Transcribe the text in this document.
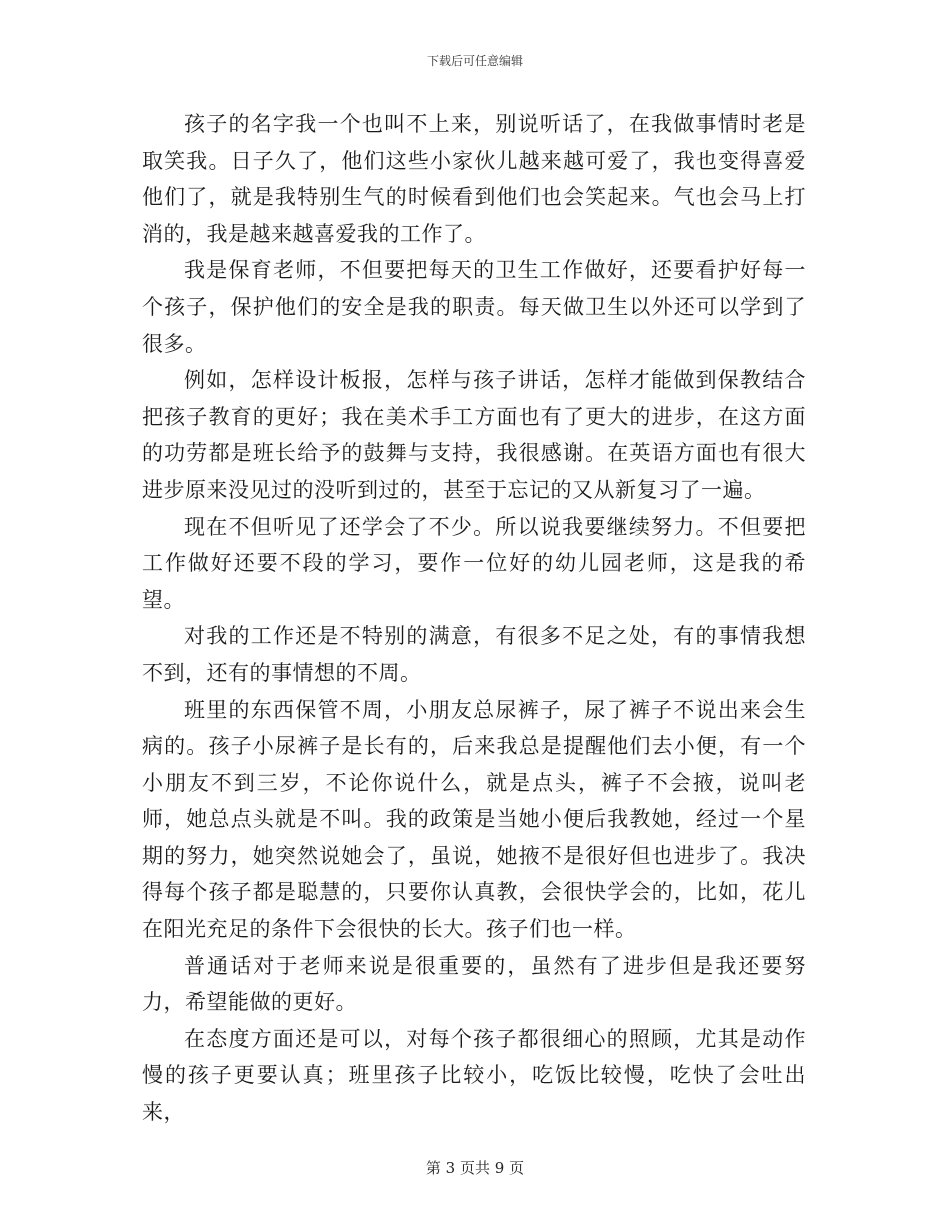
下载后可任意编辑

孩子的名字我一个也叫不上来，别说听话了，在我做事情时老是取笑我。日子久了，他们这些小家伙儿越来越可爱了，我也变得喜爱他们了，就是我特别生气的时候看到他们也会笑起来。气也会马上打消的，我是越来越喜爱我的工作了。

我是保育老师，不但要把每天的卫生工作做好，还要看护好每一个孩子，保护他们的安全是我的职责。每天做卫生以外还可以学到了很多。

例如，怎样设计板报，怎样与孩子讲话，怎样才能做到保教结合把孩子教育的更好；我在美术手工方面也有了更大的进步，在这方面的功劳都是班长给予的鼓舞与支持，我很感谢。在英语方面也有很大进步原来没见过的没听到过的，甚至于忘记的又从新复习了一遍。

现在不但听见了还学会了不少。所以说我要继续努力。不但要把工作做好还要不段的学习，要作一位好的幼儿园老师，这是我的希望。

对我的工作还是不特别的满意，有很多不足之处，有的事情我想不到，还有的事情想的不周。

班里的东西保管不周，小朋友总尿裤子，尿了裤子不说出来会生病的。孩子小尿裤子是长有的，后来我总是提醒他们去小便，有一个小朋友不到三岁，不论你说什么，就是点头，裤子不会掖，说叫老师，她总点头就是不叫。我的政策是当她小便后我教她，经过一个星期的努力，她突然说她会了，虽说，她掖不是很好但也进步了。我决得每个孩子都是聪慧的，只要你认真教，会很快学会的，比如，花儿在阳光充足的条件下会很快的长大。孩子们也一样。

普通话对于老师来说是很重要的，虽然有了进步但是我还要努力，希望能做的更好。

在态度方面还是可以，对每个孩子都很细心的照顾，尤其是动作慢的孩子更要认真；班里孩子比较小，吃饭比较慢，吃快了会吐出来，

第 3 页共 9 页
